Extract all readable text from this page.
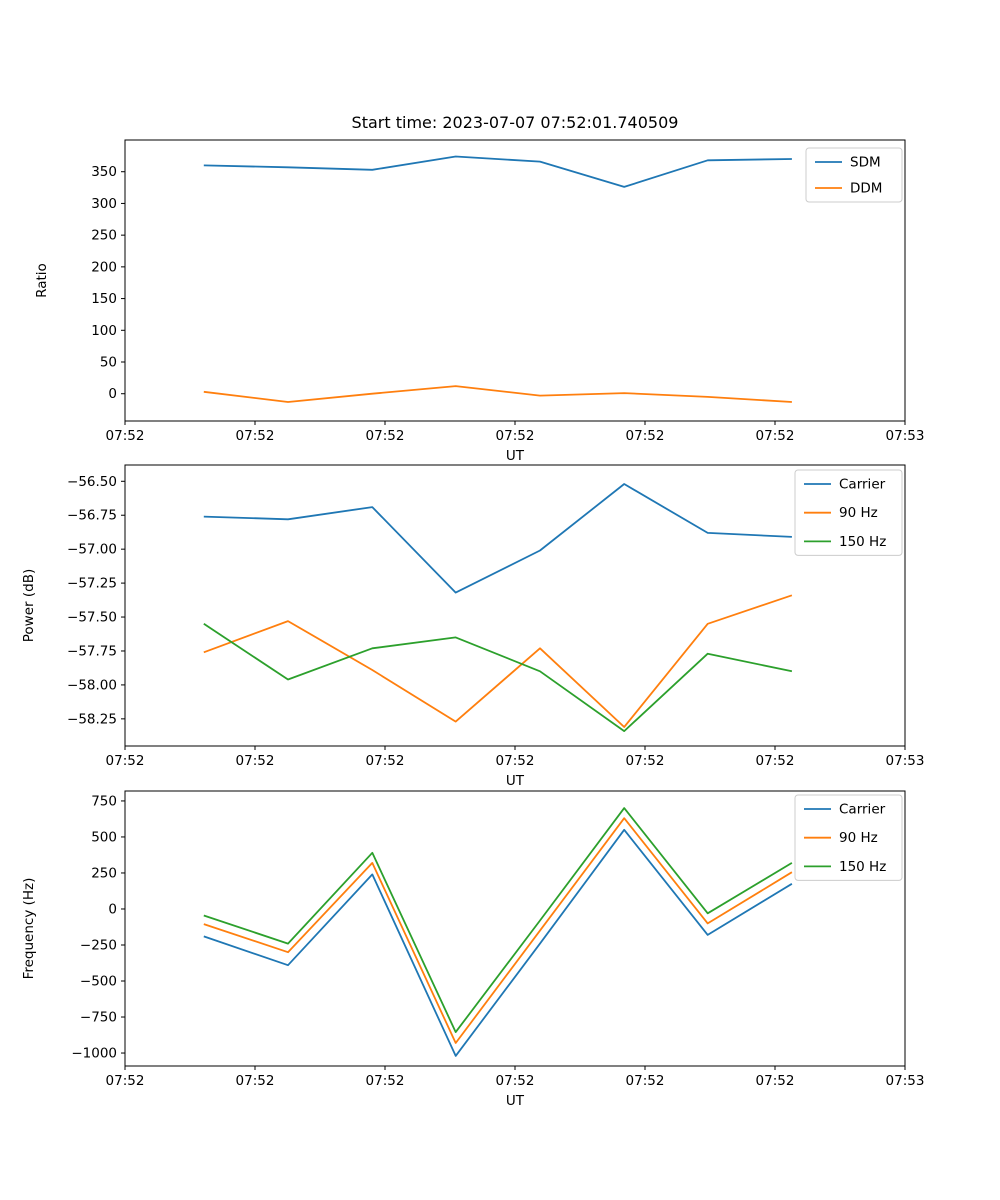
Start time: 2023-07-07 07:52:01.740509
07:52	07:52	07:52	07:52	07:52	07:52	07:53
UT
0
50
100
150
200
250
300
350
Ratio
SDM
DDM
07:52	07:52	07:52	07:52	07:52	07:52	07:53
UT
−56.50
−56.75
−57.00
−57.25
−57.50
−57.75
−58.00
−58.25
Power (dB)
Carrier
90 Hz
150 Hz
07:52	07:52	07:52	07:52	07:52	07:52	07:53
UT
750
500
250
0
−250
−500
−750
−1000
Frequency (Hz)
Carrier
90 Hz
150 Hz
